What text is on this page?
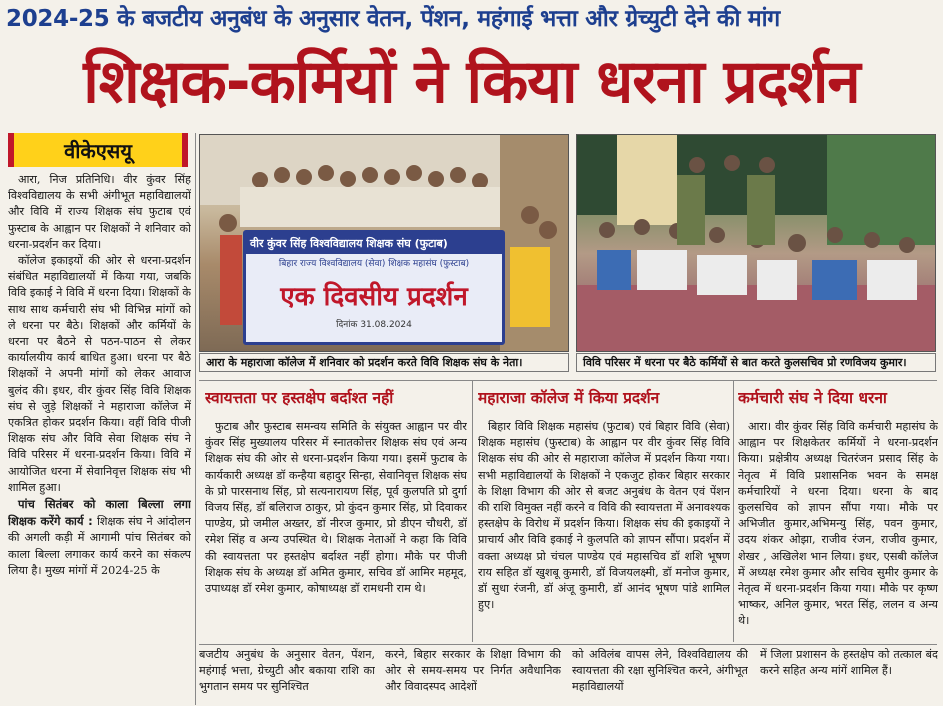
2024-25 के बजटीय अनुबंध के अनुसार वेतन, पेंशन, महंगाई भत्ता और ग्रेच्युटी देने की मांग
शिक्षक-कर्मियों ने किया धरना प्रदर्शन
वीकेएसयू

आरा, निज प्रतिनिधि। वीर कुंवर सिंह विश्वविद्यालय के सभी अंगीभूत महाविद्यालयों और विवि में राज्य शिक्षक संघ फुटाब एवं फुस्टाब के आह्वान पर शिक्षकों ने शनिवार को धरना-प्रदर्शन कर दिया।

कॉलेज इकाइयों की ओर से धरना-प्रदर्शन संबंधित महाविद्यालयों में किया गया, जबकि विवि इकाई ने विवि में धरना दिया। शिक्षकों के साथ साथ कर्मचारी संघ भी विभिन्न मांगों को ले धरना पर बैठे। शिक्षकों और कर्मियों के धरना पर बैठने से पठन-पाठन से लेकर कार्यालयीय कार्य बाधित हुआ। धरना पर बैठे शिक्षकों ने अपनी मांगों को लेकर आवाज बुलंद की। इधर, वीर कुंवर सिंह विवि शिक्षक संघ से जुड़े शिक्षकों ने महाराजा कॉलेज में एकत्रित होकर प्रदर्शन किया। वहीं विवि पीजी शिक्षक संघ और विवि सेवा शिक्षक संघ ने विवि परिसर में धरना-प्रदर्शन किया। विवि में आयोजित धरना में सेवानिवृत्त शिक्षक संघ भी शामिल हुआ।

पांच सितंबर को काला बिल्ला लगा शिक्षक करेंगे कार्य : शिक्षक संघ ने आंदोलन की अगली कड़ी में आगामी पांच सितंबर को काला बिल्ला लगाकर कार्य करने का संकल्प लिया है। मुख्य मांगों में 2024-25 के

वीर कुंवर सिंह विश्वविद्यालय शिक्षक संघ (फुटाब)
बिहार राज्य विश्वविद्यालय (सेवा) शिक्षक महासंघ (फुस्टाब)
एक दिवसीय प्रदर्शन
दिनांक 31.08.2024
आरा के महाराजा कॉलेज में शनिवार को प्रदर्शन करते विवि शिक्षक संघ के नेता।	विवि परिसर में धरना पर बैठे कर्मियों से बात करते कुलसचिव प्रो रणविजय कुमार।
स्वायत्तता पर हस्तक्षेप बर्दाश्त नहीं	महाराजा कॉलेज में किया प्रदर्शन	कर्मचारी संघ ने दिया धरना

फुटाब और फुस्टाब समन्वय समिति के संयुक्त आह्वान पर वीर कुंवर सिंह मुख्यालय परिसर में स्नातकोत्तर शिक्षक संघ एवं अन्य शिक्षक संघ की ओर से धरना-प्रदर्शन किया गया। इसमें फुटाब के कार्यकारी अध्यक्ष डॉ कन्हैया बहादुर सिन्हा, सेवानिवृत्त शिक्षक संघ के प्रो पारसनाथ सिंह, प्रो सत्यनारायण सिंह, पूर्व कुलपति प्रो दुर्गा विजय सिंह, डॉ बलिराज ठाकुर, प्रो कुंदन कुमार सिंह, प्रो दिवाकर पाण्डेय, प्रो जमील अख्तर, डॉ नीरज कुमार, प्रो डीएन चौधरी, डॉ रमेश सिंह व अन्य उपस्थित थे। शिक्षक नेताओं ने कहा कि विवि की स्वायत्तता पर हस्तक्षेप बर्दाश्त नहीं होगा। मौके पर पीजी शिक्षक संघ के अध्यक्ष डॉ अमित कुमार, सचिव डॉ आमिर महमूद, उपाध्यक्ष डॉ रमेश कुमार, कोषाध्यक्ष डॉ रामधनी राम थे।

बिहार विवि शिक्षक महासंघ (फुटाब) एवं बिहार विवि (सेवा) शिक्षक महासंघ (फुस्टाब) के आह्वान पर वीर कुंवर सिंह विवि शिक्षक संघ की ओर से महाराजा कॉलेज में प्रदर्शन किया गया। सभी महाविद्यालयों के शिक्षकों ने एकजुट होकर बिहार सरकार के शिक्षा विभाग की ओर से बजट अनुबंध के वेतन एवं पेंशन की राशि विमुक्त नहीं करने व विवि की स्वायत्तता में अनावश्यक हस्तक्षेप के विरोध में प्रदर्शन किया। शिक्षक संघ की इकाइयों ने प्राचार्य और विवि इकाई ने कुलपति को ज्ञापन सौंपा। प्रदर्शन में वक्ता अध्यक्ष प्रो चंचल पाण्डेय एवं महासचिव डॉ शशि भूषण राय सहित डॉ खुशबू कुमारी, डॉ विजयलक्ष्मी, डॉ मनोज कुमार, डॉ सुधा रंजनी, डॉ अंजू कुमारी, डॉ आनंद भूषण पांडे शामिल हुए।

आरा। वीर कुंवर सिंह विवि कर्मचारी महासंघ के आह्वान पर शिक्षकेतर कर्मियों ने धरना-प्रदर्शन किया। प्रक्षेत्रीय अध्यक्ष चितरंजन प्रसाद सिंह के नेतृत्व में विवि प्रशासनिक भवन के समक्ष कर्मचारियों ने धरना दिया। धरना के बाद कुलसचिव को ज्ञापन सौंपा गया। मौके पर अभिजीत कुमार,अभिमन्यु सिंह, पवन कुमार, उदय शंकर ओझा, राजीव रंजन, राजीव कुमार, शेखर , अखिलेश भान लिया। इधर, एसबी कॉलेज में अध्यक्ष रमेश कुमार और सचिव सुमीर कुमार के नेतृत्व में धरना-प्रदर्शन किया गया। मौके पर कृष्ण भाष्कर, अनिल कुमार, भरत सिंह, ललन व अन्य थे।

बजटीय अनुबंध के अनुसार वेतन, पेंशन, महंगाई भत्ता, ग्रेच्युटी और बकाया राशि का भुगतान समय पर सुनिश्चित
करने, बिहार सरकार के शिक्षा विभाग की ओर से समय-समय पर निर्गत अवैधानिक और विवादस्पद आदेशों
को अविलंब वापस लेने, विश्वविद्यालय की स्वायत्तता की रक्षा सुनिश्चित करने, अंगीभूत महाविद्यालयों
में जिला प्रशासन के हस्तक्षेप को तत्काल बंद करने सहित अन्य मांगें शामिल हैं।
